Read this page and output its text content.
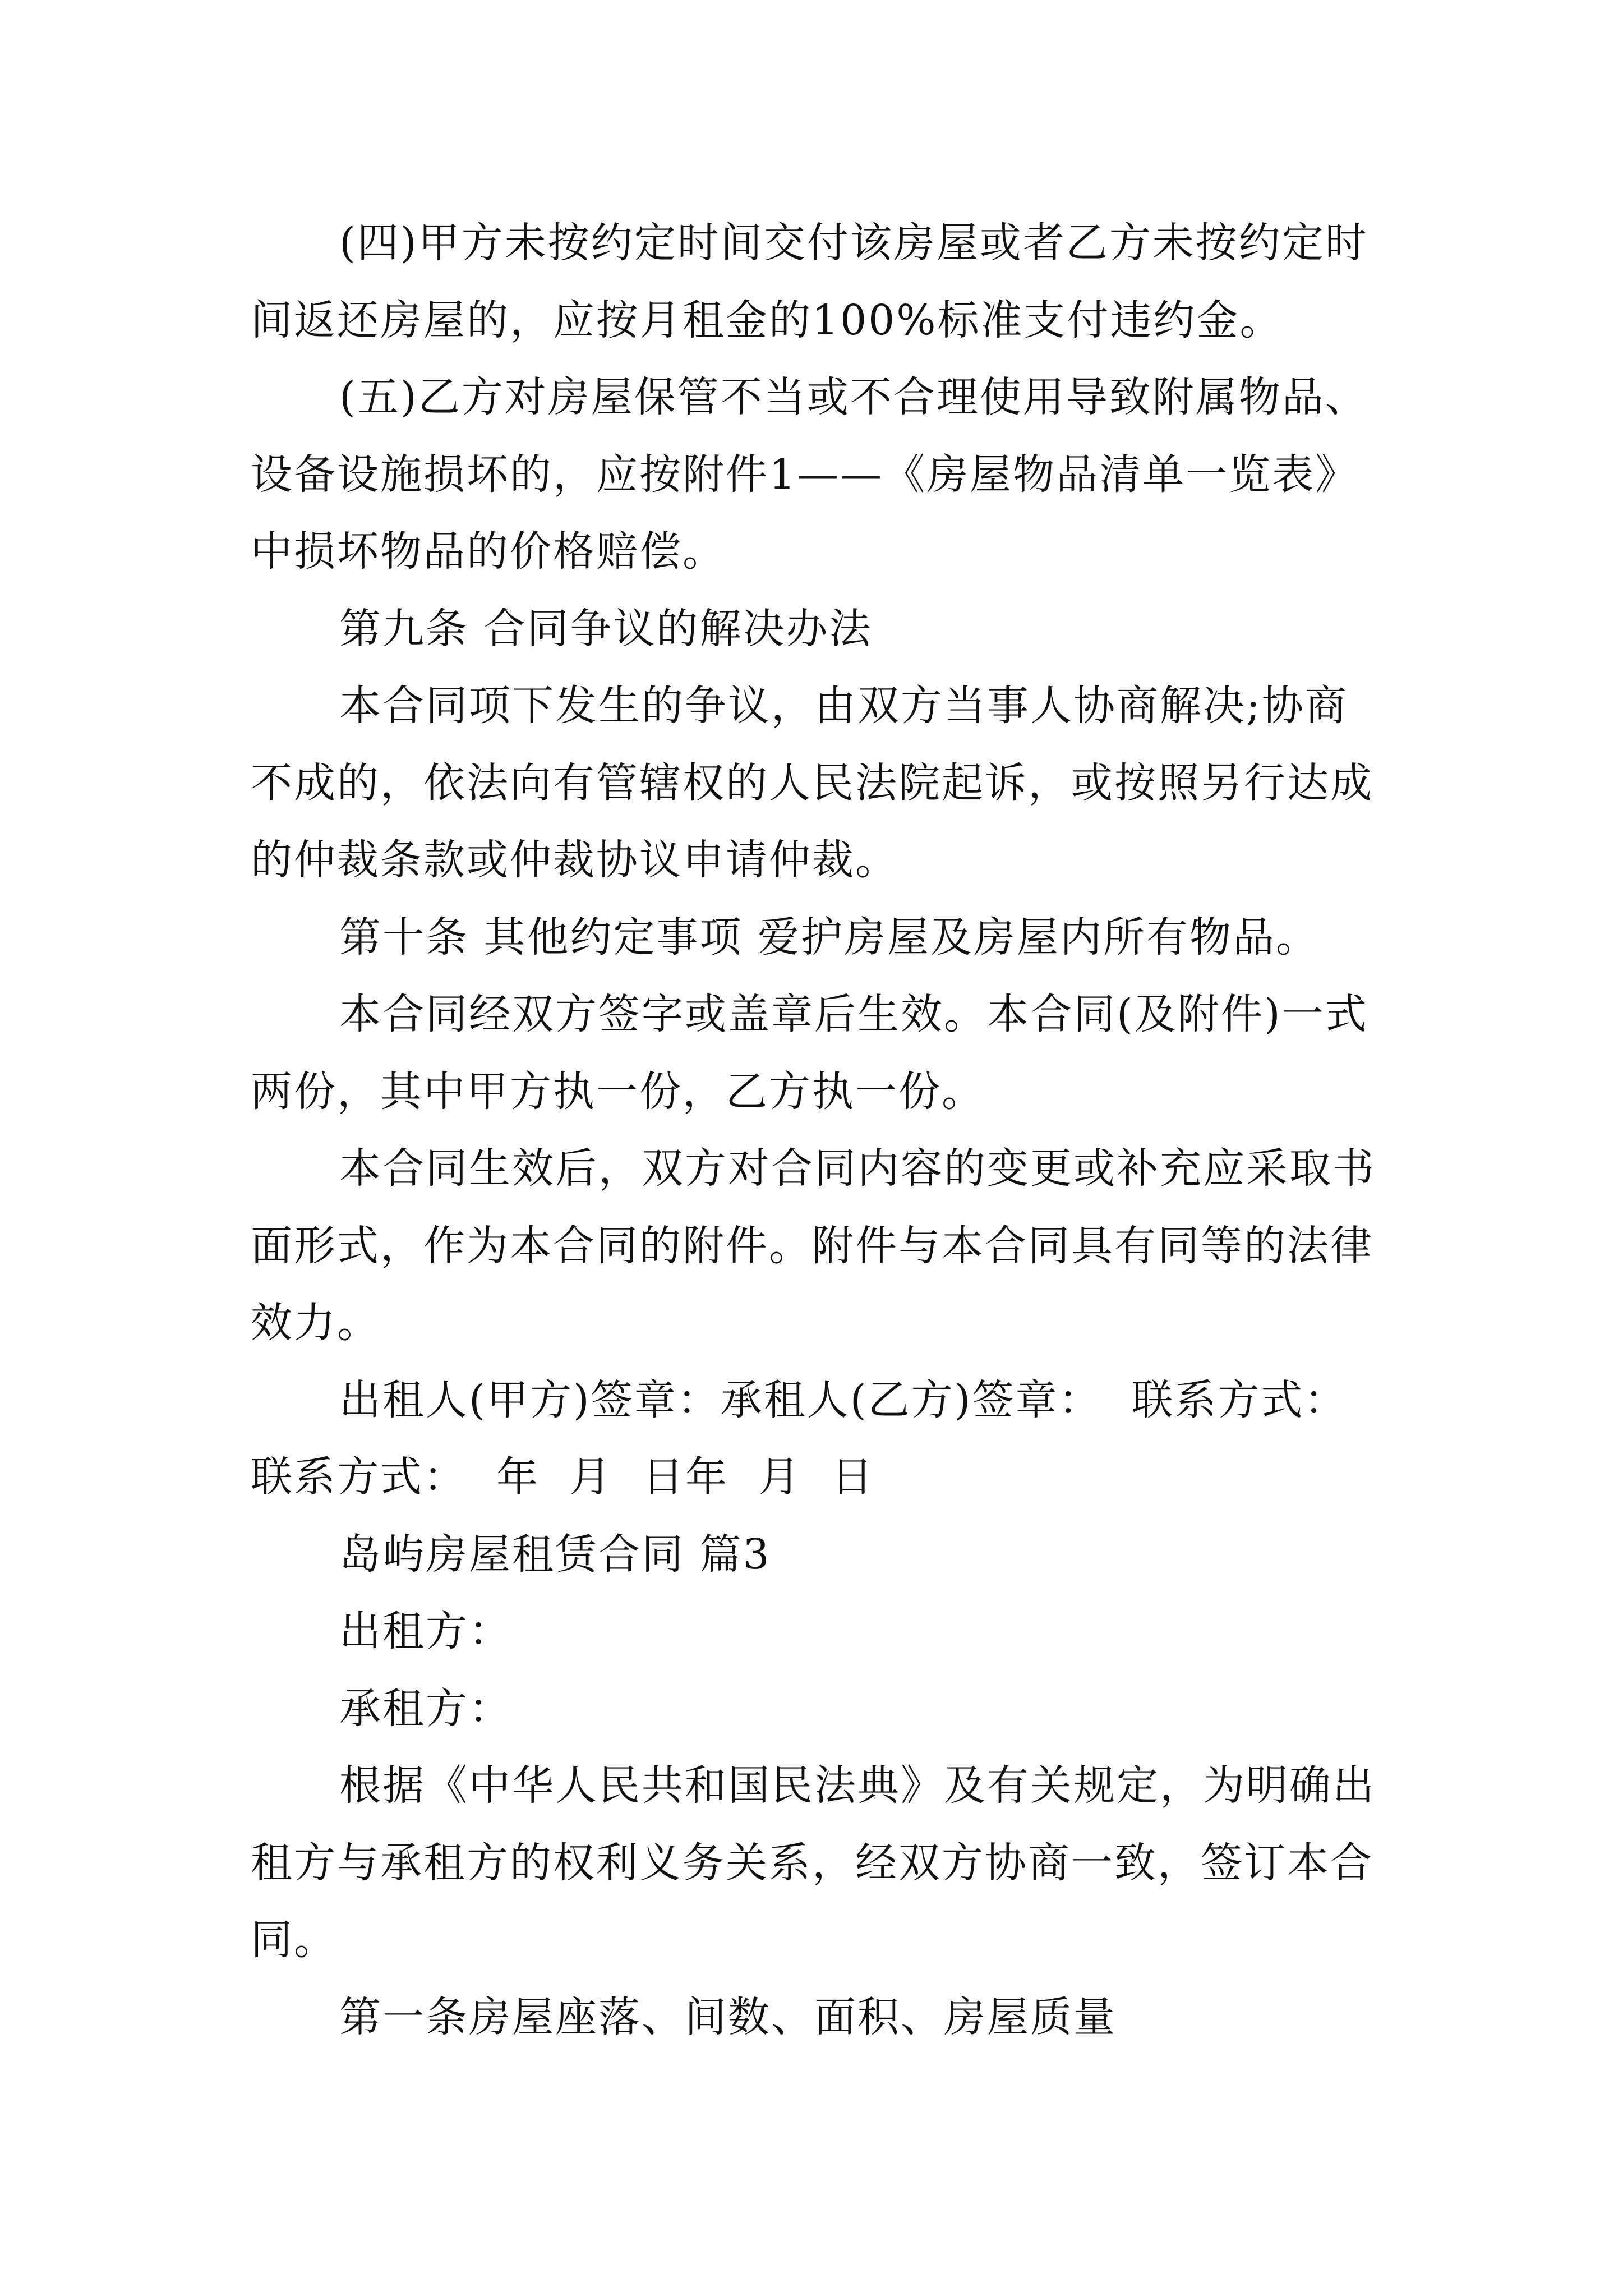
(四)甲方未按约定时间交付该房屋或者乙方未按约定时
间返还房屋的，应按月租金的100%标准支付违约金。
(五)乙方对房屋保管不当或不合理使用导致附属物品、
设备设施损坏的，应按附件1——《房屋物品清单一览表》
中损坏物品的价格赔偿。
第九条 合同争议的解决办法
本合同项下发生的争议，由双方当事人协商解决;协商
不成的，依法向有管辖权的人民法院起诉，或按照另行达成
的仲裁条款或仲裁协议申请仲裁。
第十条 其他约定事项 爱护房屋及房屋内所有物品。
本合同经双方签字或盖章后生效。本合同(及附件)一式
两份，其中甲方执一份，乙方执一份。
本合同生效后，双方对合同内容的变更或补充应采取书
面形式，作为本合同的附件。附件与本合同具有同等的法律
效力。
出租人(甲方)签章：承租人(乙方)签章：  联系方式：
联系方式：  年  月  日年  月  日
岛屿房屋租赁合同 篇3
出租方：
承租方：
根据《中华人民共和国民法典》及有关规定，为明确出
租方与承租方的权利义务关系，经双方协商一致，签订本合
同。
第一条房屋座落、间数、面积、房屋质量
